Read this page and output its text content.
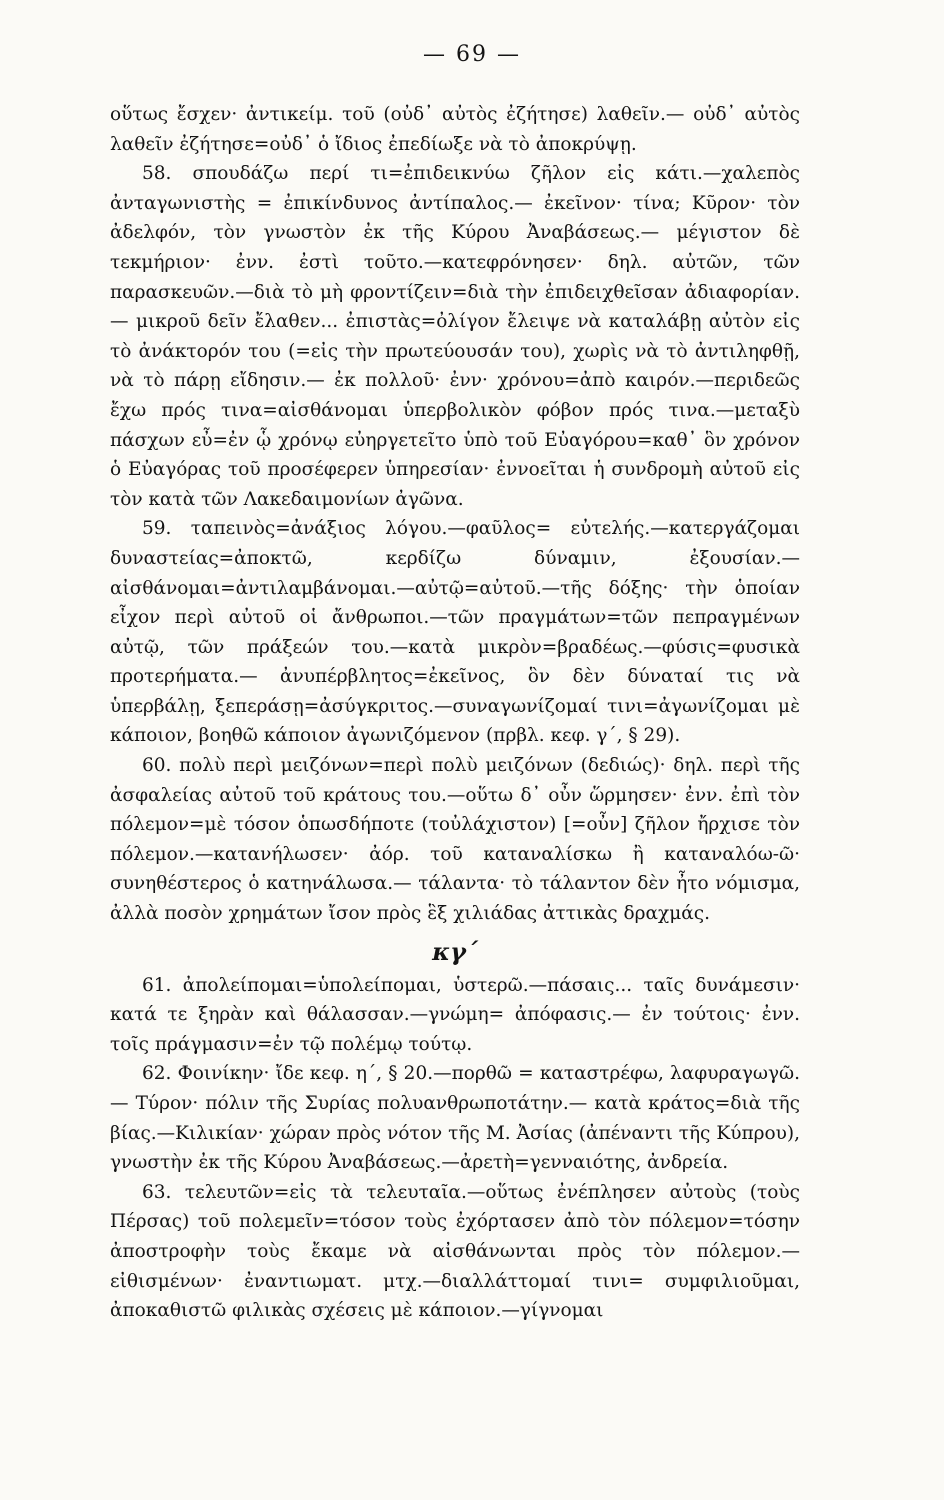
— 69 —

οὕτως ἔσχεν· ἀντικείμ. τοῦ (οὐδ᾽ αὐτὸς ἐζήτησε) λαθεῖν.— οὐδ᾽ αὐτὸς λαθεῖν ἐζήτησε=οὐδ᾽ ὁ ἴδιος ἐπεδίωξε νὰ τὸ ἀποκρύψῃ.

58. σπουδάζω περί τι=ἐπιδεικνύω ζῆλον εἰς κάτι.—χαλεπὸς ἀνταγωνιστὴς = ἐπικίνδυνος ἀντίπαλος.— ἐκεῖνον· τίνα; Κῦρον· τὸν ἀδελφόν, τὸν γνωστὸν ἐκ τῆς Κύρου Ἀναβάσεως.— μέγιστον δὲ τεκμήριον· ἐνν. ἐστὶ τοῦτο.—κατεφρόνησεν· δηλ. αὐτῶν, τῶν παρασκευῶν.—διὰ τὸ μὴ φροντίζειν=διὰ τὴν ἐπιδειχθεῖσαν ἀδιαφορίαν.— μικροῦ δεῖν ἔλαθεν... ἐπιστὰς=ὀλίγον ἔλειψε νὰ καταλάβῃ αὐτὸν εἰς τὸ ἀνάκτορόν του (=εἰς τὴν πρωτεύουσάν του), χωρὶς νὰ τὸ ἀντιληφθῇ, νὰ τὸ πάρῃ εἴδησιν.— ἐκ πολλοῦ· ἐνν· χρόνου=ἀπὸ καιρόν.—περιδεῶς ἔχω πρός τινα=αἰσθάνομαι ὑπερβολικὸν φόβον πρός τινα.—μεταξὺ πάσχων εὖ=ἐν ᾧ χρόνῳ εὐηργετεῖτο ὑπὸ τοῦ Εὐαγόρου=καθ᾽ ὃν χρόνον ὁ Εὐαγόρας τοῦ προσέφερεν ὑπηρεσίαν· ἐννοεῖται ἡ συνδρομὴ αὐτοῦ εἰς τὸν κατὰ τῶν Λακεδαιμονίων ἀγῶνα.

59. ταπεινὸς=ἀνάξιος λόγου.—φαῦλος= εὐτελής.—κατεργάζομαι δυναστείας=ἀποκτῶ, κερδίζω δύναμιν, ἐξουσίαν.— αἰσθάνομαι=ἀντιλαμβάνομαι.—αὐτῷ=αὐτοῦ.—τῆς δόξης· τὴν ὁποίαν εἶχον περὶ αὐτοῦ οἱ ἄνθρωποι.—τῶν πραγμάτων=τῶν πεπραγμένων αὐτῷ, τῶν πράξεών του.—κατὰ μικρὸν=βραδέως.—φύσις=φυσικὰ προτερήματα.— ἀνυπέρβλητος=ἐκεῖνος, ὃν δὲν δύναταί τις νὰ ὑπερβάλῃ, ξεπεράσῃ=ἀσύγκριτος.—συναγωνίζομαί τινι=ἀγωνίζομαι μὲ κάποιον, βοηθῶ κάποιον ἀγωνιζόμενον (πρβλ. κεφ. γ´, § 29).

60. πολὺ περὶ μειζόνων=περὶ πολὺ μειζόνων (δεδιώς)· δηλ. περὶ τῆς ἀσφαλείας αὐτοῦ τοῦ κράτους του.—οὕτω δ᾽ οὖν ὥρμησεν· ἐνν. ἐπὶ τὸν πόλεμον=μὲ τόσον ὁπωσδήποτε (τοὐλάχιστον) [=οὖν] ζῆλον ἤρχισε τὸν πόλεμον.—κατανήλωσεν· ἀόρ. τοῦ καταναλίσκω ἢ καταναλόω-ῶ· συνηθέστερος ὁ κατηνάλωσα.— τάλαντα· τὸ τάλαντον δὲν ἦτο νόμισμα, ἀλλὰ ποσὸν χρημάτων ἴσον πρὸς ἓξ χιλιάδας ἀττικὰς δραχμάς.

κγ´

61. ἀπολείπομαι=ὑπολείπομαι, ὑστερῶ.—πάσαις... ταῖς δυνάμεσιν· κατά τε ξηρὰν καὶ θάλασσαν.—γνώμη= ἀπόφασις.— ἐν τούτοις· ἐνν. τοῖς πράγμασιν=ἐν τῷ πολέμῳ τούτῳ.

62. Φοινίκην· ἴδε κεφ. η´, § 20.—πορθῶ = καταστρέφω, λαφυραγωγῶ.— Τύρον· πόλιν τῆς Συρίας πολυανθρωποτάτην.— κατὰ κράτος=διὰ τῆς βίας.—Κιλικίαν· χώραν πρὸς νότον τῆς Μ. Ἀσίας (ἀπέναντι τῆς Κύπρου), γνωστὴν ἐκ τῆς Κύρου Ἀναβάσεως.—ἀρετὴ=γενναιότης, ἀνδρεία.

63. τελευτῶν=εἰς τὰ τελευταῖα.—οὕτως ἐνέπλησεν αὐτοὺς (τοὺς Πέρσας) τοῦ πολεμεῖν=τόσον τοὺς ἐχόρτασεν ἀπὸ τὸν πόλεμον=τόσην ἀποστροφὴν τοὺς ἔκαμε νὰ αἰσθάνωνται πρὸς τὸν πόλεμον.—εἰθισμένων· ἐναντιωματ. μτχ.—διαλλάττομαί τινι= συμφιλιοῦμαι, ἀποκαθιστῶ φιλικὰς σχέσεις μὲ κάποιον.—γίγνομαι
